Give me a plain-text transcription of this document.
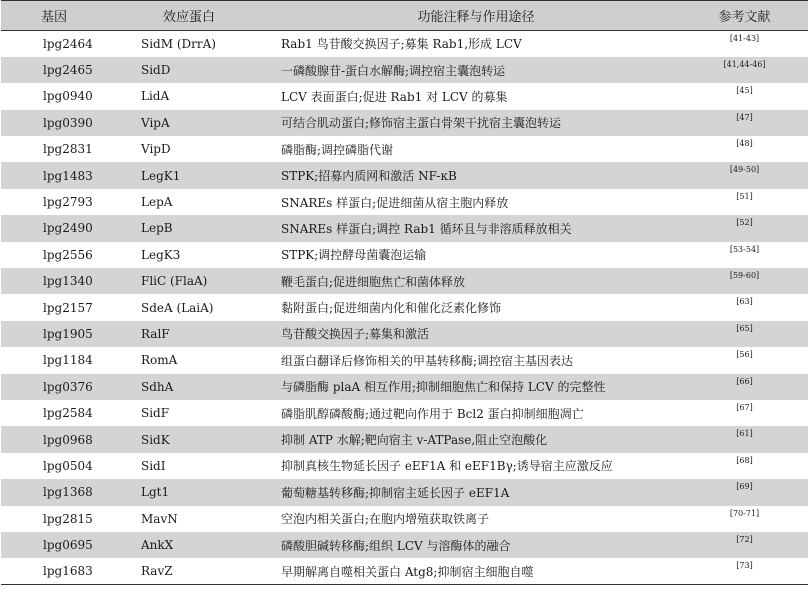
基因	效应蛋白	功能注释与作用途径	参考文献
lpg2464	SidM (DrrA)	Rab1 鸟苷酸交换因子;募集 Rab1,形成 LCV	[41-43]
lpg2465	SidD	一磷酸腺苷-蛋白水解酶;调控宿主囊泡转运	[41,44-46]
lpg0940	LidA	LCV 表面蛋白;促进 Rab1 对 LCV 的募集	[45]
lpg0390	VipA	可结合肌动蛋白;修饰宿主蛋白骨架干扰宿主囊泡转运	[47]
lpg2831	VipD	磷脂酶;调控磷脂代谢	[48]
lpg1483	LegK1	STPK;招募内质网和激活 NF-κB	[49-50]
lpg2793	LepA	SNAREs 样蛋白;促进细菌从宿主胞内释放	[51]
lpg2490	LepB	SNAREs 样蛋白;调控 Rab1 循环且与非溶质释放相关	[52]
lpg2556	LegK3	STPK;调控酵母菌囊泡运输	[53-54]
lpg1340	FliC (FlaA)	鞭毛蛋白;促进细胞焦亡和菌体释放	[59-60]
lpg2157	SdeA (LaiA)	黏附蛋白;促进细菌内化和催化泛素化修饰	[63]
lpg1905	RalF	鸟苷酸交换因子;募集和激活	[65]
lpg1184	RomA	组蛋白翻译后修饰相关的甲基转移酶;调控宿主基因表达	[56]
lpg0376	SdhA	与磷脂酶 plaA 相互作用;抑制细胞焦亡和保持 LCV 的完整性	[66]
lpg2584	SidF	磷脂肌醇磷酸酶;通过靶向作用于 Bcl2 蛋白抑制细胞凋亡	[67]
lpg0968	SidK	抑制 ATP 水解;靶向宿主 v-ATPase,阻止空泡酸化	[61]
lpg0504	SidI	抑制真核生物延长因子 eEF1A 和 eEF1Bγ;诱导宿主应激反应	[68]
lpg1368	Lgt1	葡萄糖基转移酶;抑制宿主延长因子 eEF1A	[69]
lpg2815	MavN	空泡内相关蛋白;在胞内增殖获取铁离子	[70-71]
lpg0695	AnkX	磷酸胆碱转移酶;组织 LCV 与溶酶体的融合	[72]
lpg1683	RavZ	早期解离自噬相关蛋白 Atg8;抑制宿主细胞自噬	[73]
